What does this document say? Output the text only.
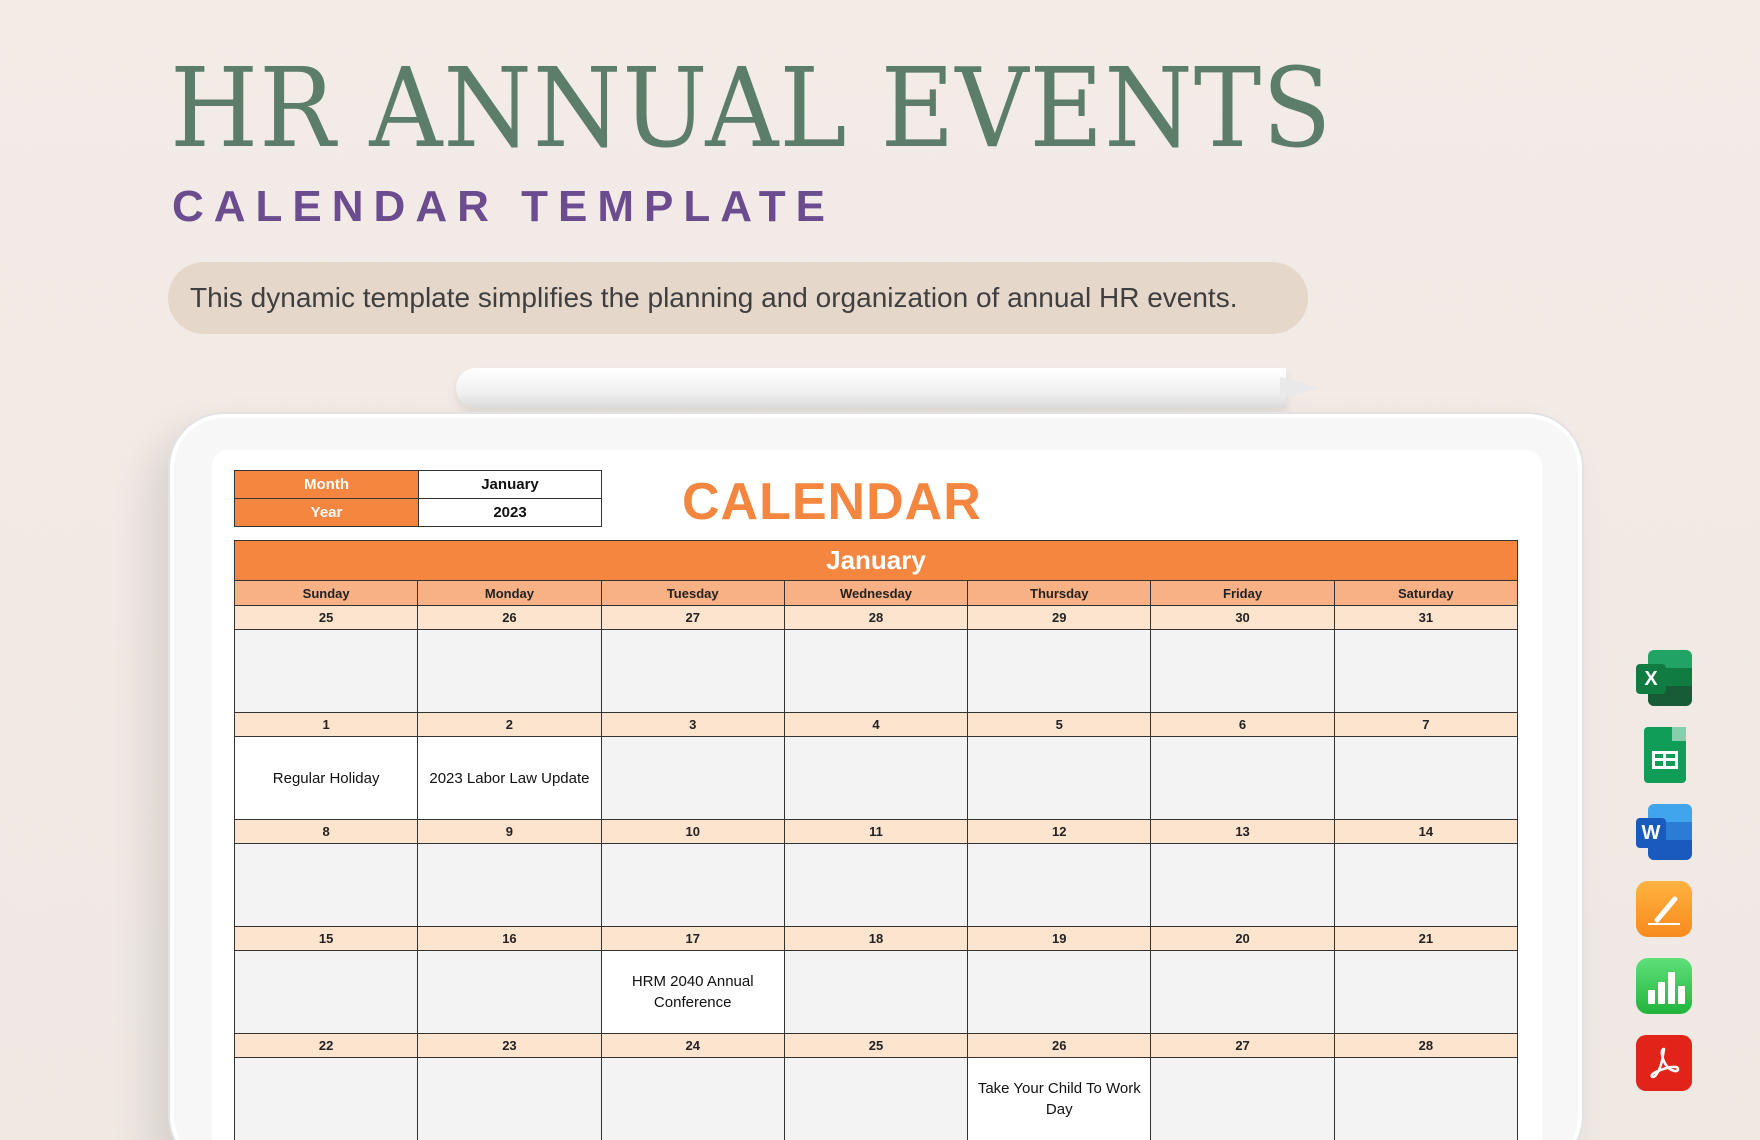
HR ANNUAL EVENTS
CALENDAR TEMPLATE
This dynamic template simplifies the planning and organization of annual HR events.
Month	January
Year	2023	CALENDAR
January						
Sunday	Monday	Tuesday	Wednesday	Thursday	Friday	Saturday
25	26	27	28	29	30	31

1	2	3	4	5	6	7
Regular Holiday	2023 Labor Law Update					
8	9	10	11	12	13	14

15	16	17	18	19	20	21
		HRM 2040 Annual Conference				
22	23	24	25	26	27	28
				Take Your Child To Work Day		
X
W
